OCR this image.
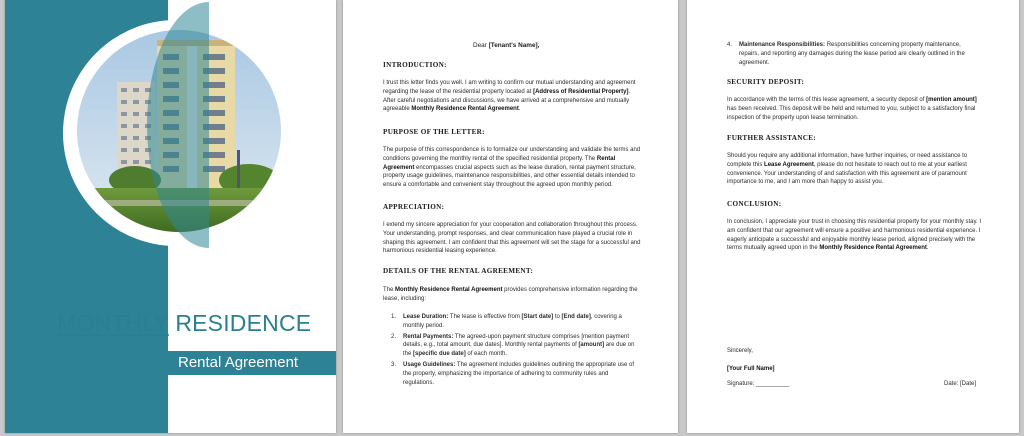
MONTHLY RESIDENCE
Rental Agreement
Dear [Tenant's Name],
INTRODUCTION:

I trust this letter finds you well. I am writing to confirm our mutual understanding and agreement regarding the lease of the residential property located at [Address of Residential Property]. After careful negotiations and discussions, we have arrived at a comprehensive and mutually agreeable Monthly Residence Rental Agreement.

PURPOSE OF THE LETTER:

The purpose of this correspondence is to formalize our understanding and validate the terms and conditions governing the monthly rental of the specified residential property. The Rental Agreement encompasses crucial aspects such as the lease duration, rental payment structure, property usage guidelines, maintenance responsibilities, and other essential details intended to ensure a comfortable and convenient stay throughout the agreed upon monthly period.

APPRECIATION:

I extend my sincere appreciation for your cooperation and collaboration throughout this process. Your understanding, prompt responses, and clear communication have played a crucial role in shaping this agreement. I am confident that this agreement will set the stage for a successful and harmonious residential leasing experience.

DETAILS OF THE RENTAL AGREEMENT:

The Monthly Residence Rental Agreement provides comprehensive information regarding the lease, including:

1. Lease Duration: The lease is effective from [Start date] to [End date], covering a monthly period.
2. Rental Payments: The agreed-upon payment structure comprises [mention payment details, e.g., total amount, due dates]. Monthly rental payments of [amount] are due on the [specific due date] of each month.
3. Usage Guidelines: The agreement includes guidelines outlining the appropriate use of the property, emphasizing the importance of adhering to community rules and regulations.
4. Maintenance Responsibilities: Responsibilities concerning property maintenance, repairs, and reporting any damages during the lease period are clearly outlined in the agreement.
SECURITY DEPOSIT:

In accordance with the terms of this lease agreement, a security deposit of [mention amount] has been received. This deposit will be held and returned to you, subject to a satisfactory final inspection of the property upon lease termination.

FURTHER ASSISTANCE:

Should you require any additional information, have further inquiries, or need assistance to complete this Lease Agreement, please do not hesitate to reach out to me at your earliest convenience. Your understanding of and satisfaction with this agreement are of paramount importance to me, and I am more than happy to assist you.

CONCLUSION:

In conclusion, I appreciate your trust in choosing this residential property for your monthly stay. I am confident that our agreement will ensure a positive and harmonious residential experience. I eagerly anticipate a successful and enjoyable monthly lease period, aligned precisely with the terms mutually agreed upon in the Monthly Residence Rental Agreement.

Sincerely,
[Your Full Name]
Signature: __________	Date: [Date]
